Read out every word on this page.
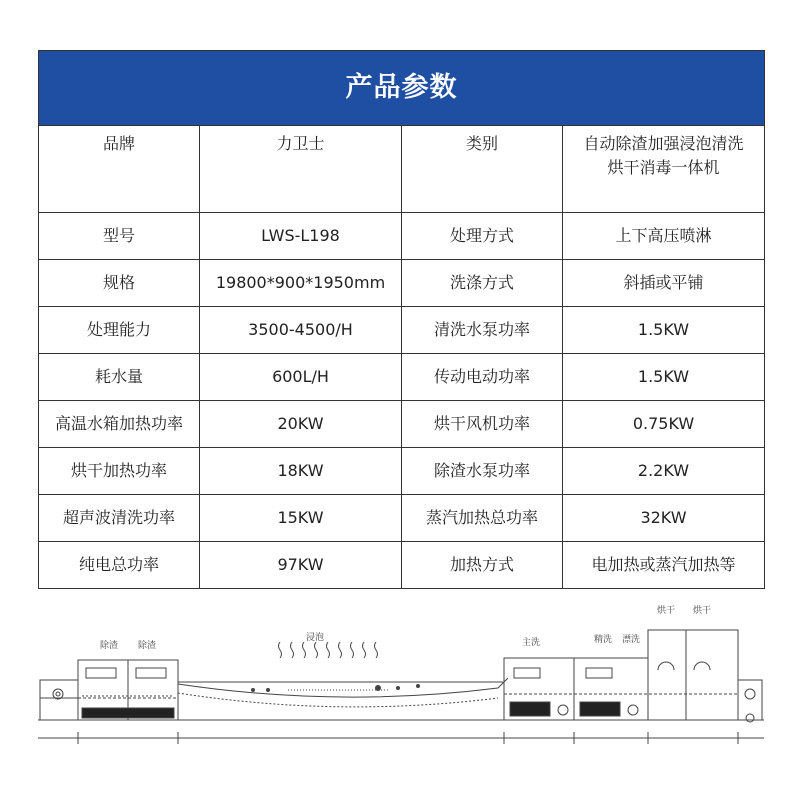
产品参数			
品牌	力卫士	类别	自动除渣加强浸泡清洗
烘干消毒一体机

型号	LWS-L198	处理方式	上下高压喷淋
规格	19800*900*1950mm	洗涤方式	斜插或平铺
处理能力	3500-4500/H	清洗水泵功率	1.5KW
耗水量	600L/H	传动电动功率	1.5KW
高温水箱加热功率	20KW	烘干风机功率	0.75KW
烘干加热功率	18KW	除渣水泵功率	2.2KW
超声波清洗功率	15KW	蒸汽加热总功率	32KW
纯电总功率	97KW	加热方式	电加热或蒸汽加热等
除渣 除渣
浸泡	主洗	精洗 漂洗
烘干 烘干
